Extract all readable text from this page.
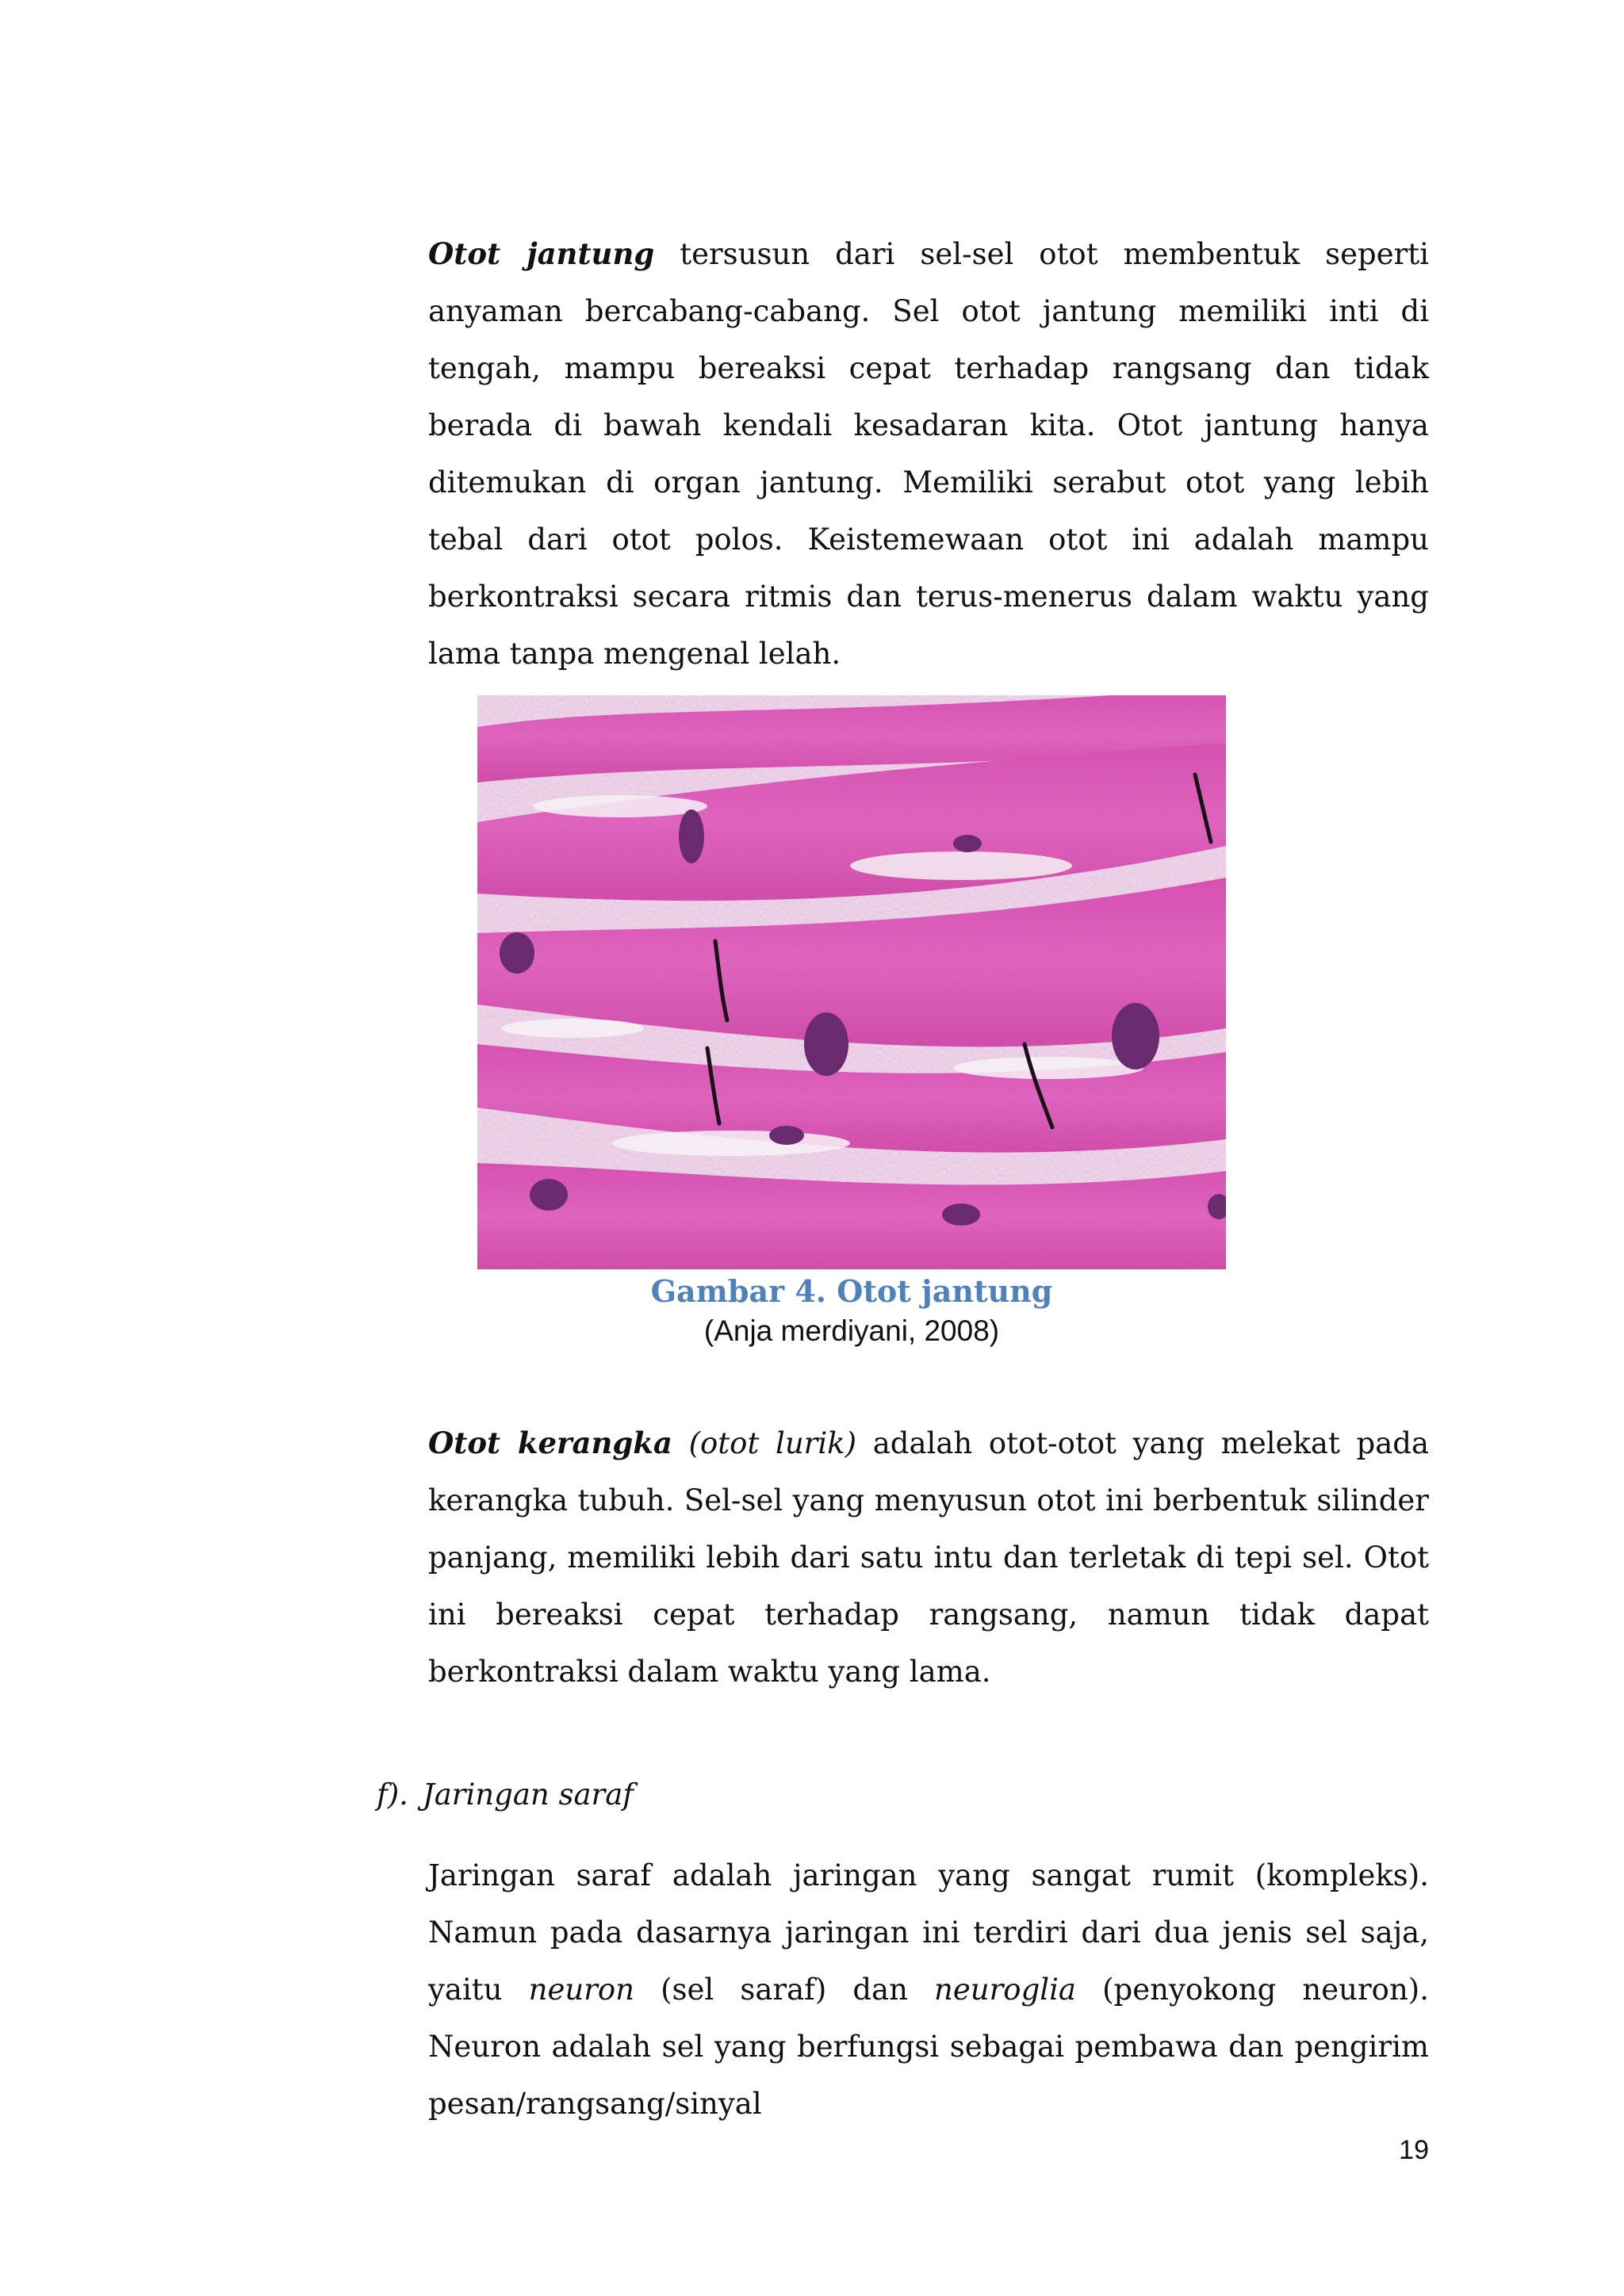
Otot jantung tersusun dari sel-sel otot membentuk seperti anyaman bercabang-cabang. Sel otot jantung memiliki inti di tengah, mampu bereaksi cepat terhadap rangsang dan tidak berada di bawah kendali kesadaran kita. Otot jantung hanya ditemukan di organ jantung. Memiliki serabut otot yang lebih tebal dari otot polos. Keistemewaan otot ini adalah mampu berkontraksi secara ritmis dan terus-menerus dalam waktu yang lama tanpa mengenal lelah.

Gambar 4. Otot jantung

(Anja merdiyani, 2008)

Otot kerangka (otot lurik) adalah otot-otot yang melekat pada kerangka tubuh. Sel-sel yang menyusun otot ini berbentuk silinder panjang, memiliki lebih dari satu intu dan terletak di tepi sel. Otot ini bereaksi cepat terhadap rangsang, namun tidak dapat berkontraksi dalam waktu yang lama.

f). Jaringan saraf

Jaringan saraf adalah jaringan yang sangat rumit (kompleks). Namun pada dasarnya jaringan ini terdiri dari dua jenis sel saja, yaitu neuron (sel saraf) dan neuroglia (penyokong neuron). Neuron adalah sel yang berfungsi sebagai pembawa dan pengirim pesan/rangsang/sinyal

19
